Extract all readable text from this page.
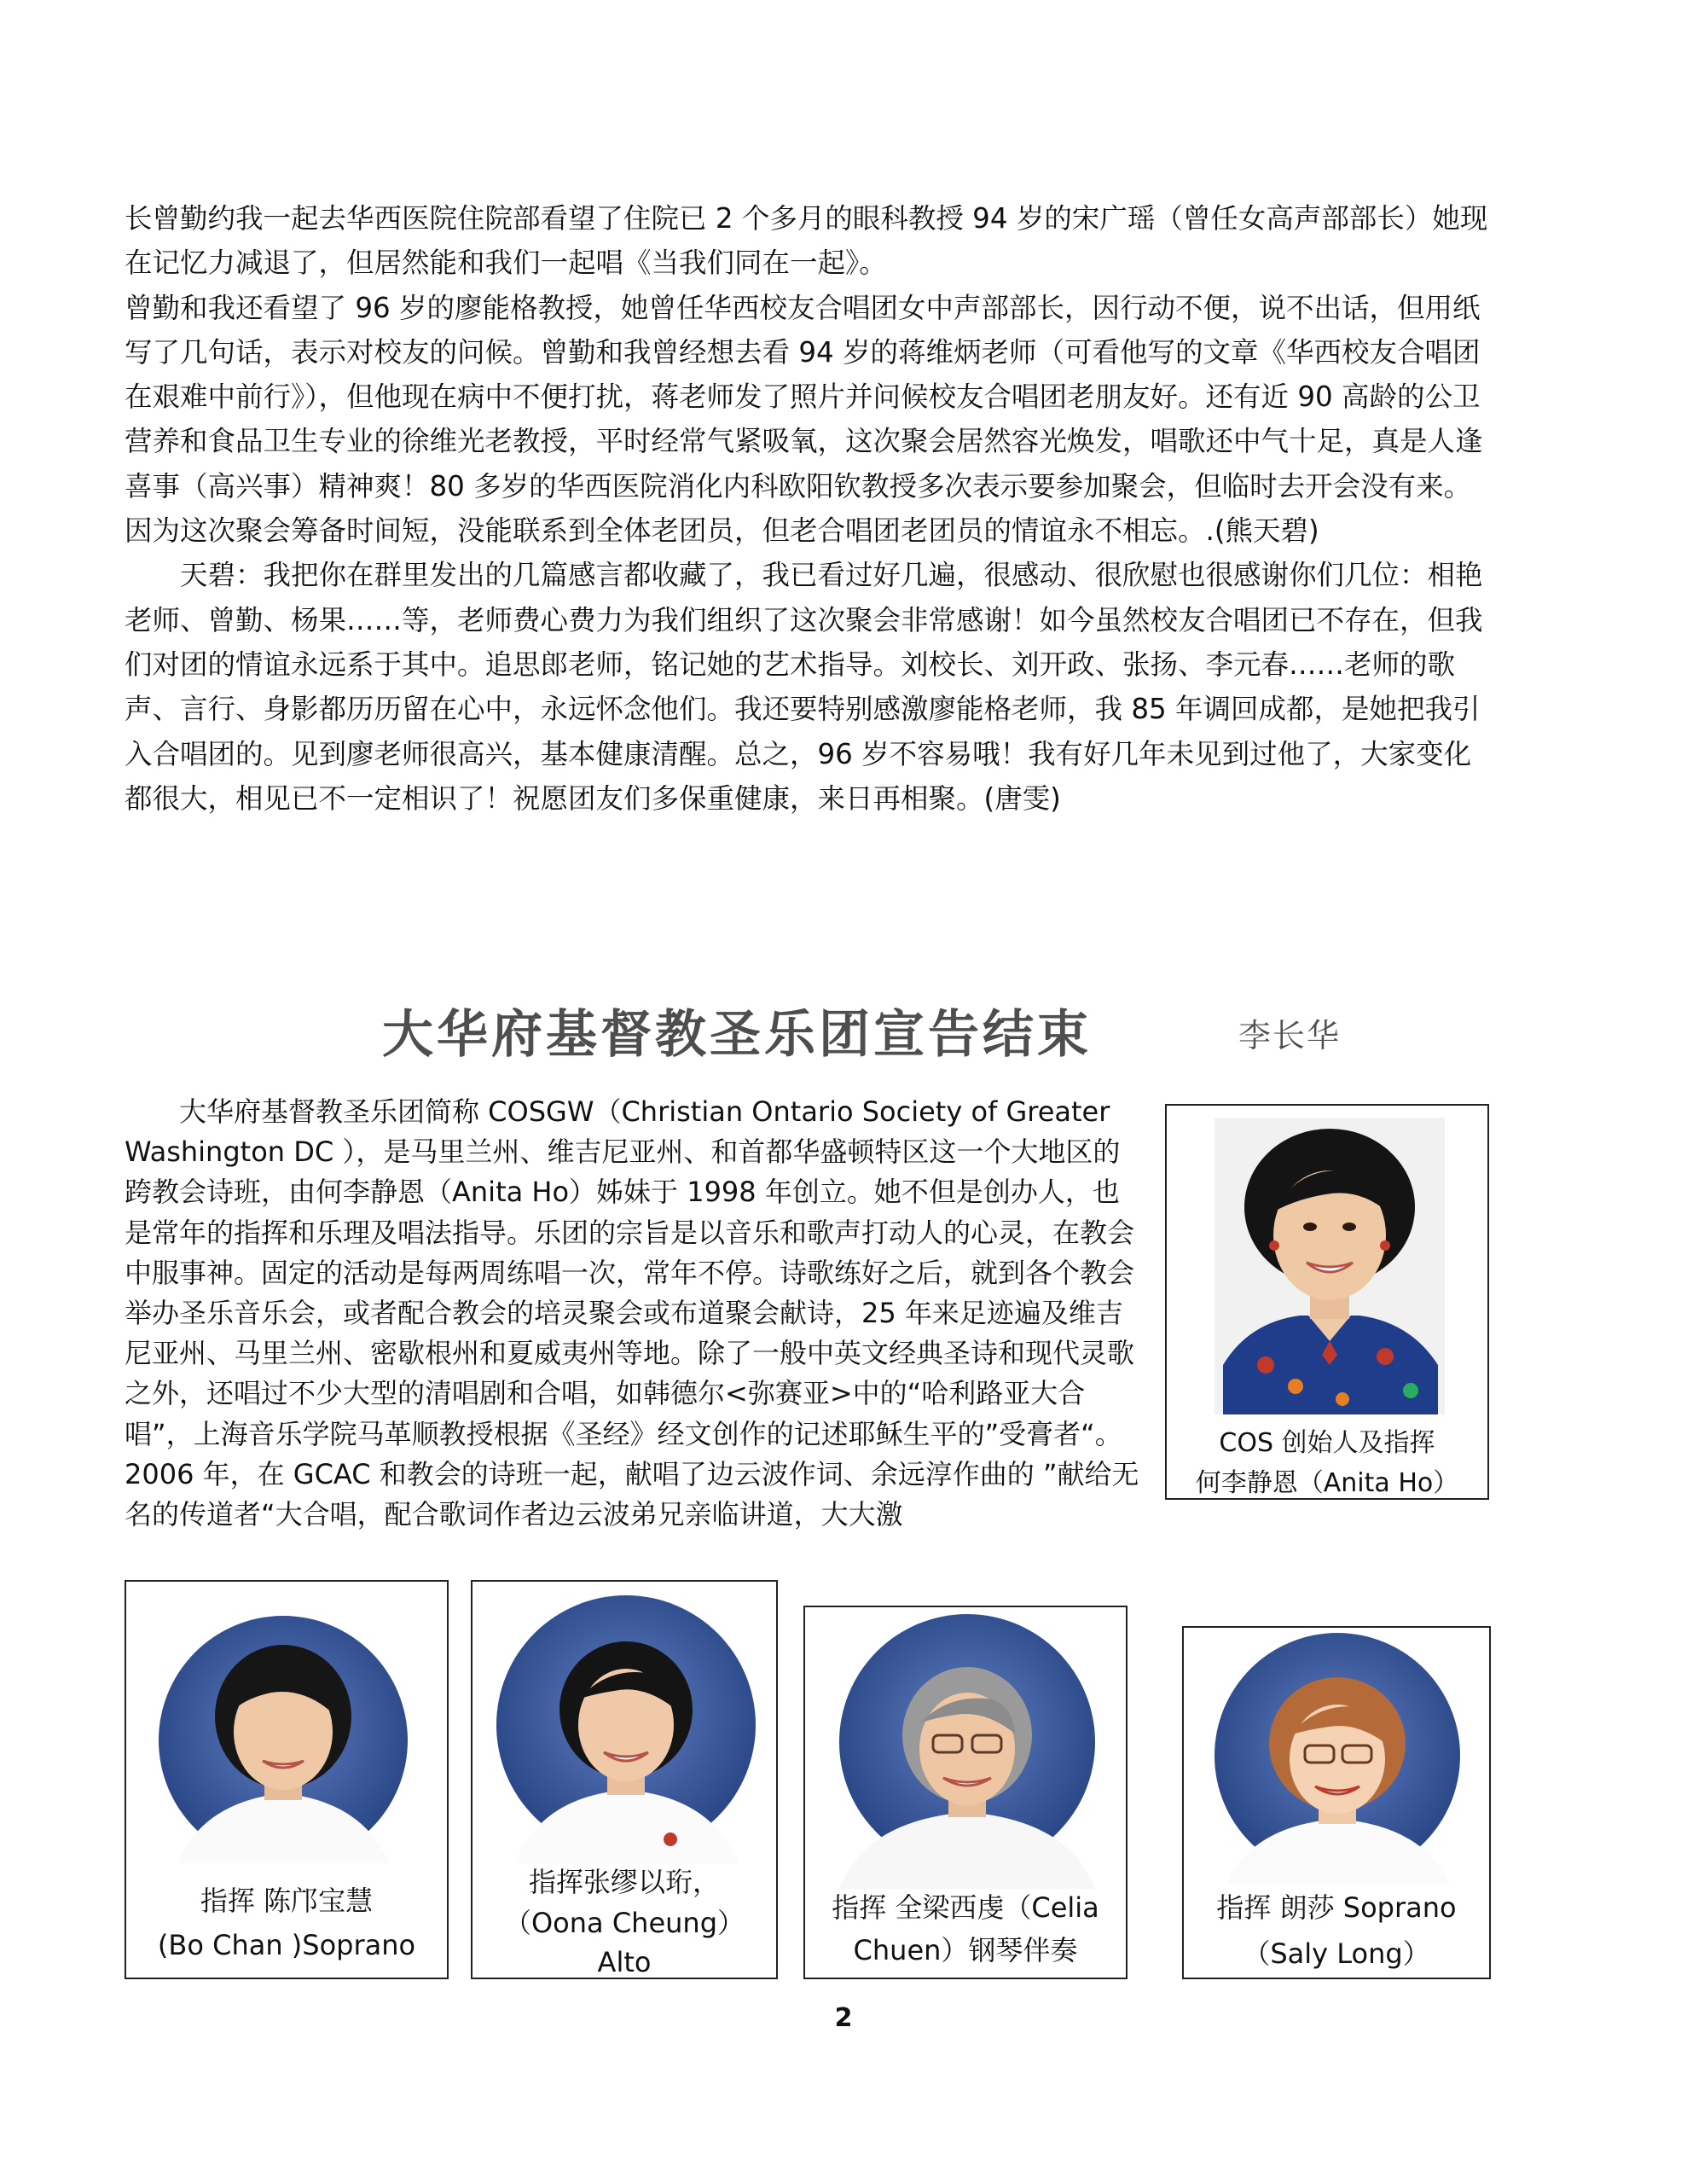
长曾勤约我一起去华西医院住院部看望了住院已 2 个多月的眼科教授 94 岁的宋广瑶（曾任女高声部部长）她现在记忆力减退了，但居然能和我们一起唱《当我们同在一起》。

曾勤和我还看望了 96 岁的廖能格教授，她曾任华西校友合唱团女中声部部长，因行动不便，说不出话，但用纸写了几句话，表示对校友的问候。曾勤和我曾经想去看 94 岁的蒋维炳老师（可看他写的文章《华西校友合唱团在艰难中前行》），但他现在病中不便打扰，蒋老师发了照片并问候校友合唱团老朋友好。还有近 90 高龄的公卫营养和食品卫生专业的徐维光老教授，平时经常气紧吸氧，这次聚会居然容光焕发，唱歌还中气十足，真是人逢喜事（高兴事）精神爽！80 多岁的华西医院消化内科欧阳钦教授多次表示要参加聚会，但临时去开会没有来。因为这次聚会筹备时间短，没能联系到全体老团员，但老合唱团老团员的情谊永不相忘。.(熊天碧)

天碧：我把你在群里发出的几篇感言都收藏了，我已看过好几遍，很感动、很欣慰也很感谢你们几位：相艳老师、曾勤、杨果……等，老师费心费力为我们组织了这次聚会非常感谢！如今虽然校友合唱团已不存在，但我们对团的情谊永远系于其中。追思郎老师，铭记她的艺术指导。刘校长、刘开政、张扬、李元春……老师的歌声、言行、身影都历历留在心中，永远怀念他们。我还要特别感激廖能格老师，我 85 年调回成都，是她把我引入合唱团的。见到廖老师很高兴，基本健康清醒。总之，96 岁不容易哦！我有好几年未见到过他了，大家变化都很大，相见已不一定相识了！祝愿团友们多保重健康，来日再相聚。(唐雯)

大华府基督教圣乐团宣告结束	李长华

大华府基督教圣乐团简称 COSGW（Christian Ontario Society of Greater Washington DC ），是马里兰州、维吉尼亚州、和首都华盛顿特区这一个大地区的跨教会诗班，由何李静恩（Anita Ho）姊妹于 1998 年创立。她不但是创办人，也是常年的指挥和乐理及唱法指导。乐团的宗旨是以音乐和歌声打动人的心灵，在教会中服事神。固定的活动是每两周练唱一次，常年不停。诗歌练好之后，就到各个教会举办圣乐音乐会，或者配合教会的培灵聚会或布道聚会献诗，25 年来足迹遍及维吉尼亚州、马里兰州、密歇根州和夏威夷州等地。除了一般中英文经典圣诗和现代灵歌之外，还唱过不少大型的清唱剧和合唱，如韩德尔<弥赛亚>中的“哈利路亚大合唱”，上海音乐学院马革顺教授根据《圣经》经文创作的记述耶稣生平的”受膏者“。2006 年，在 GCAC 和教会的诗班一起，献唱了边云波作词、余远淳作曲的 ”献给无名的传道者“大合唱，配合歌词作者边云波弟兄亲临讲道，大大激

COS 创始人及指挥
何李静恩（Anita Ho）
指挥 陈邝宝慧
(Bo Chan )Soprano
指挥张缪以珩，
（Oona Cheung）
Alto
指挥 全梁西虔（Celia
Chuen）钢琴伴奏
指挥 朗莎 Soprano
（Saly Long）
2
